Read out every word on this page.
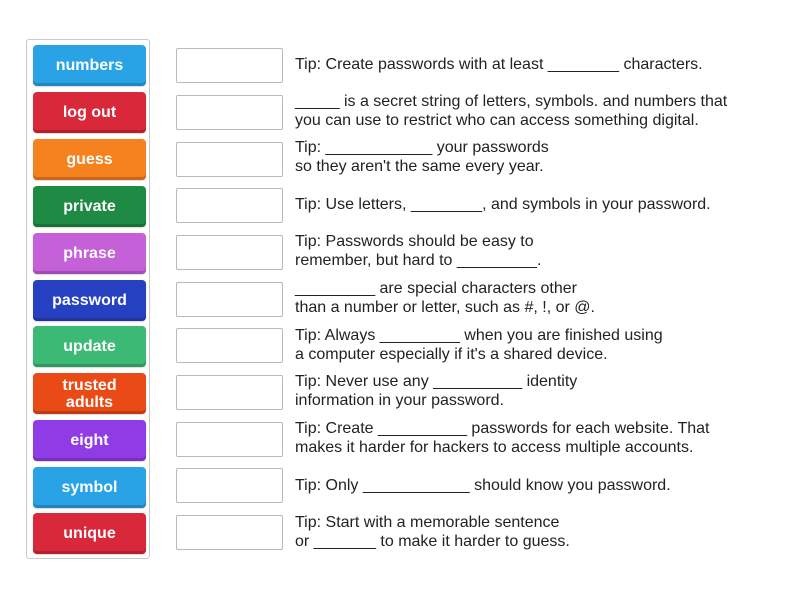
numbers
log out
guess
private
phrase
password
update
trusted
adults
eight
symbol
unique
Tip: Create passwords with at least ________ characters.
_____ is a secret string of letters, symbols. and numbers that
you can use to restrict who can access something digital.
Tip: ____________ your passwords
so they aren't the same every year.
Tip: Use letters, ________, and symbols in your password.
Tip: Passwords should be easy to
remember, but hard to _________.
_________ are special characters other
than a number or letter, such as #, !, or @.
Tip: Always _________ when you are finished using
a computer especially if it's a shared device.
Tip: Never use any __________ identity
information in your password.
Tip: Create __________ passwords for each website. That
makes it harder for hackers to access multiple accounts.
Tip: Only ____________ should know you password.
Tip: Start with a memorable sentence
or _______ to make it harder to guess.
